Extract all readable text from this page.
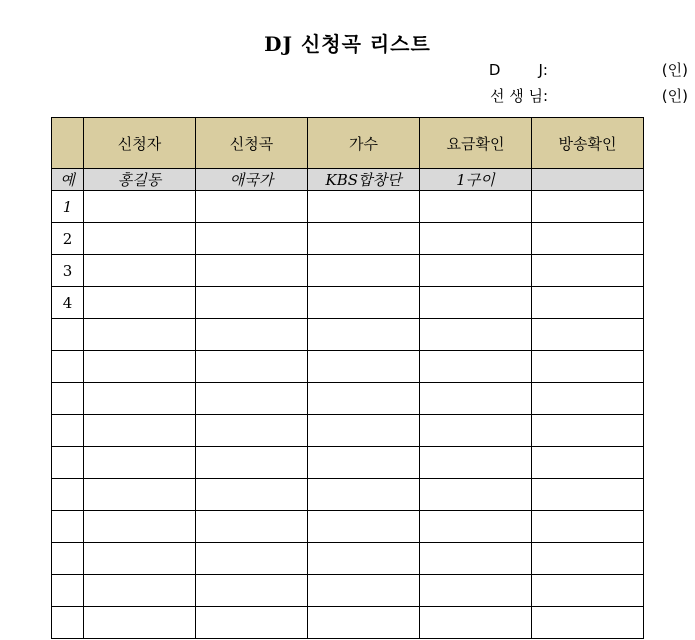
DJ 신청곡 리스트
D        J:	(인)
선 생 님:	(인)
	신청자	신청곡	가수	요금확인	방송확인
예	홍길동	애국가	KBS합창단	1구이	
1					
2					
3					
4					
